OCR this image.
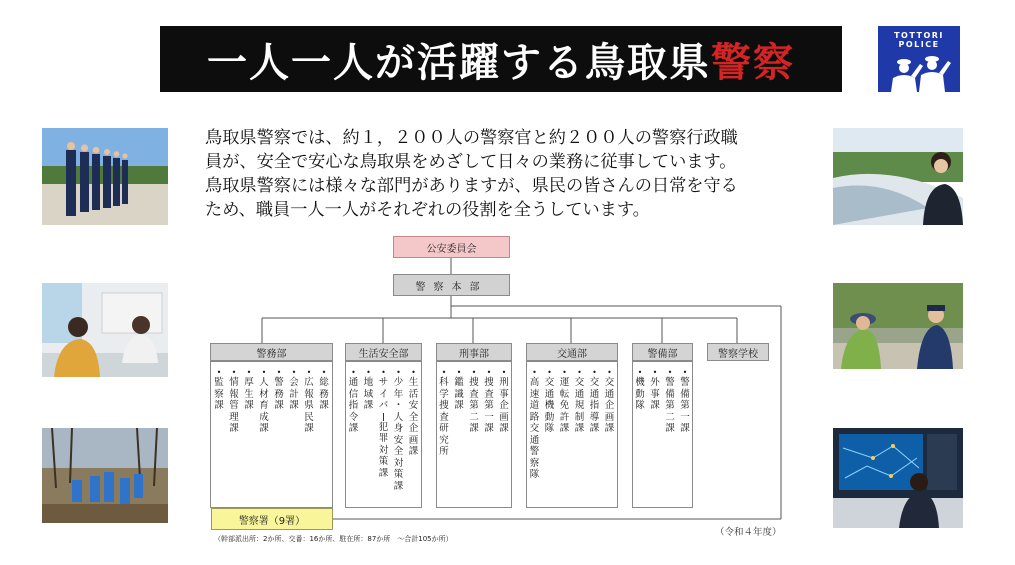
一人一人が活躍する鳥取県警察
TOTTORI
POLICE

鳥取県警察では、約１，２００人の警察官と約２００人の警察行政職

員が、安全で安心な鳥取県をめざして日々の業務に従事しています。

鳥取県警察には様々な部門がありますが、県民の皆さんの日常を守る

ため、職員一人一人がそれぞれの役割を全うしています。

公安委員会
警察本部
警務部
•
総
務
課
•
広
報
県
民
課
•
会
計
課
•
警
務
課
•
人
材
育
成
課
•
厚
生
課
•
情
報
管
理
課
•
監
察
課
生活安全部
•
生
活
安
全
企
画
課
•
少
年
・
人
身
安
全
対
策
課
•
サ
イ
バ
犯
罪
対
策
課
•
地
域
課
•
通
信
指
令
課
刑事部
•
刑
事
企
画
課
•
捜
査
第
一
課
•
捜
査
第
二
課
•
鑑
識
課
•
科
学
捜
査
研
究
所
交通部
•
交
通
企
画
課
•
交
通
指
導
課
•
交
通
規
制
課
•
運
転
免
許
課
•
交
通
機
動
隊
•
高
速
道
路
交
通
警
察
隊
警備部
•
警
備
第
一
課
•
警
備
第
二
課
•
外
事
課
•
機
動
隊
警察学校
警察署（9署）
（幹部派出所：2か所、交番：16か所、駐在所：87か所　～合計105か所）
（令和４年度）
